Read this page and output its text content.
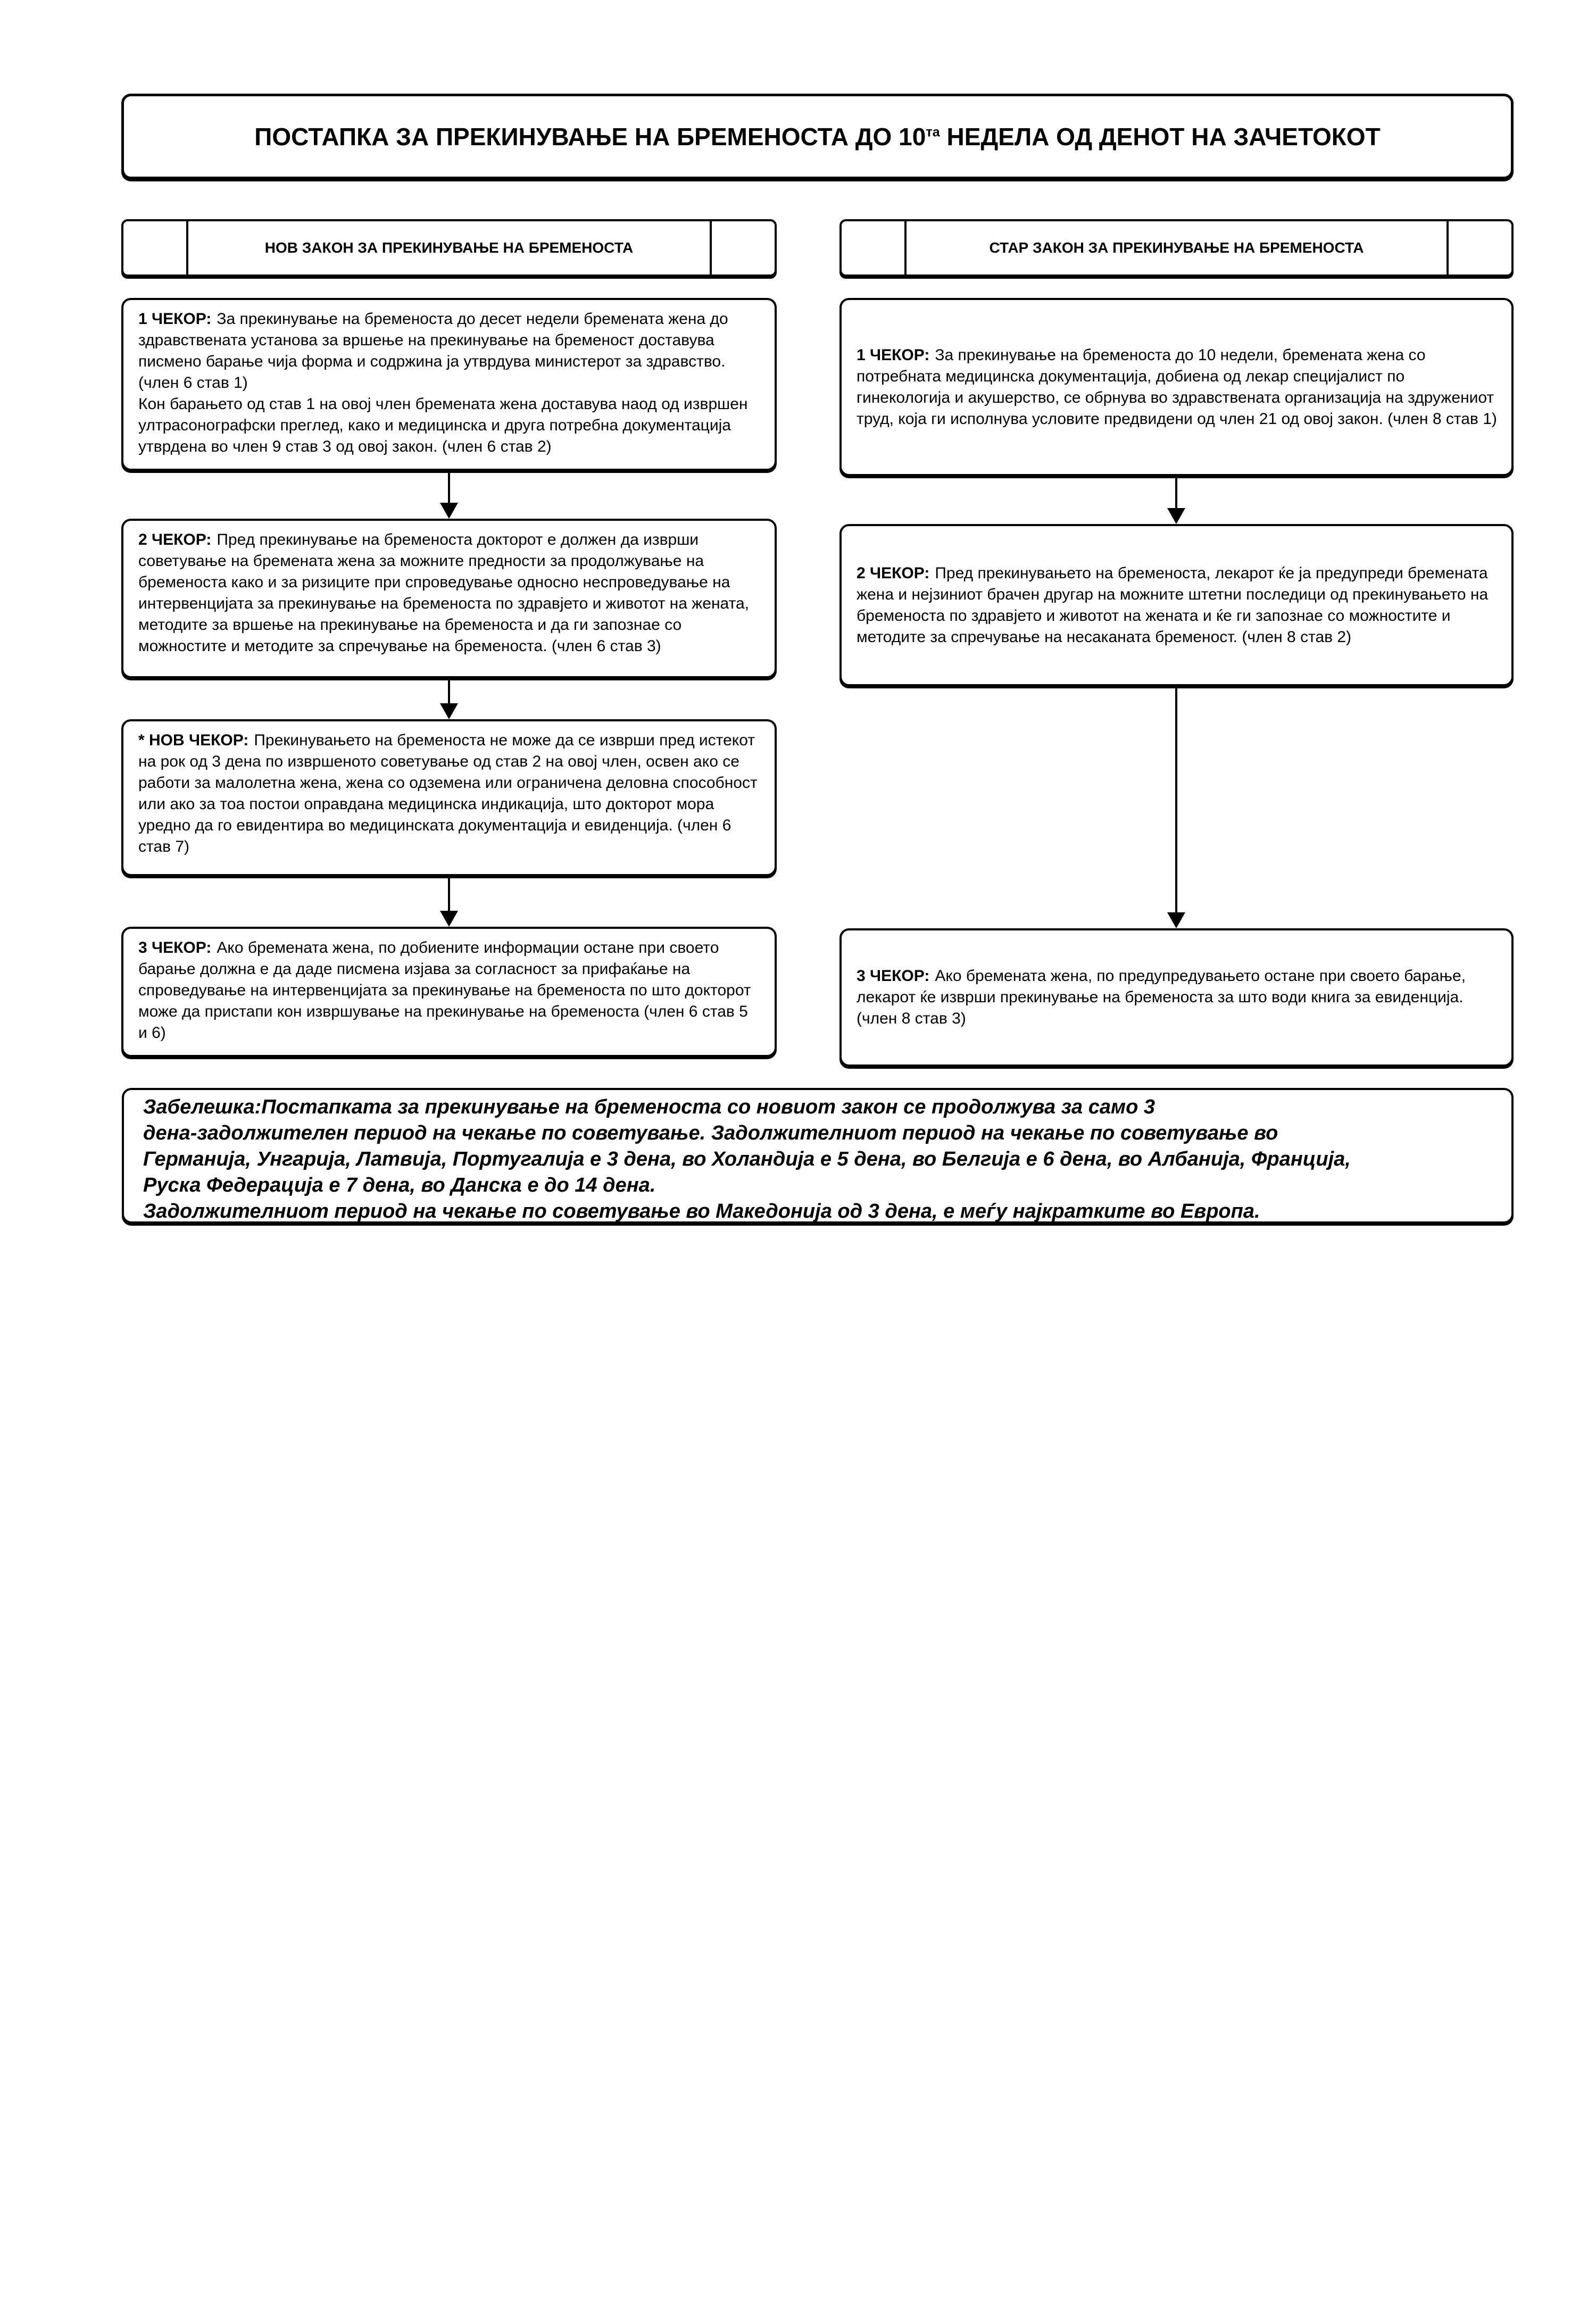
ПОСТАПКА ЗА ПРЕКИНУВАЊЕ НА БРЕМЕНОСТА ДО $10^{та}$ НЕДЕЛА ОД ДЕНОТ НА ЗАЧЕТОКОТ
НОВ ЗАКОН ЗА ПРЕКИНУВАЊЕ НА БРЕМЕНОСТА	СТАР ЗАКОН ЗА ПРЕКИНУВАЊЕ НА БРЕМЕНОСТА
1 ЧЕКОР: За прекинување на бременоста до десет недели бремената жена до здравствената установа за вршење на прекинување на бременост доставува писмено барање чија форма и содржина ја утврдува министерот за здравство. (член 6 став 1)
Кон барањето од став 1 на овој член бремената жена доставува наод од извршен ултрасонографски преглед, како и медицинска и друга потребна документација утврдена во член 9 став 3 од овој закон. (член 6 став 2)
2 ЧЕКОР: Пред прекинување на бременоста докторот е должен да изврши советување на бремената жена за можните предности за продолжување на бременоста како и за ризиците при спроведување односно неспроведување на интервенцијата за прекинување на бременоста по здравјето и животот на жената, методите за вршење на прекинување на бременоста и да ги запознае со можностите и методите за спречување на бременоста. (член 6 став 3)
* НОВ ЧЕКОР: Прекинувањето на бременоста не може да се изврши пред истекот на рок од 3 дена по извршеното советување од став 2 на овој член, освен ако се работи за малолетна жена, жена со одземена или ограничена деловна способност или ако за тоа постои оправдана медицинска индикација, што докторот мора уредно да го евидентира во медицинската документација и евиденција. (член 6 став 7)
3 ЧЕКОР: Ако бремената жена, по добиените информации остане при своето барање должна е да даде писмена изјава за согласност за прифаќање на спроведување на интервенцијата за прекинување на бременоста по што докторот може да пристапи кон извршување на прекинување на бременоста (член 6 став 5 и 6)
1 ЧЕКОР: За прекинување на бременоста до 10 недели, бремената жена со потребната медицинска документација, добиена од лекар специјалист по гинекологија и акушерство, се обрнува во здравствената организација на здружениот труд, која ги исполнува условите предвидени од член 21 од овој закон. (член 8 став 1)
2 ЧЕКОР: Пред прекинувањето на бременоста, лекарот ќе ја предупреди бремената жена и нејзиниот брачен другар на можните штетни последици од прекинувањето на бременоста по здравјето и животот на жената и ќе ги запознае со можностите и методите за спречување на несаканата бременост. (член 8 став 2)
3 ЧЕКОР: Ако бремената жена, по предупредувањето остане при своето барање, лекарот ќе изврши прекинување на бременоста за што води книга за евиденција. (член 8 став 3)
Забелешка:Постапката за прекинување на бременоста со новиот закон се продолжува за само 3
дена-задолжителен период на чекање по советување. Задолжителниот период на чекање по советување во
Германија, Унгарија, Латвија, Португалија е 3 дена, во Холандија е 5 дена, во Белгија е 6 дена, во Албанија, Франција,
Руска Федерација е 7 дена, во Данска е до 14 дена.
Задолжителниот период на чекање по советување во Македонија од 3 дена, е меѓу најкратките во Европа.
